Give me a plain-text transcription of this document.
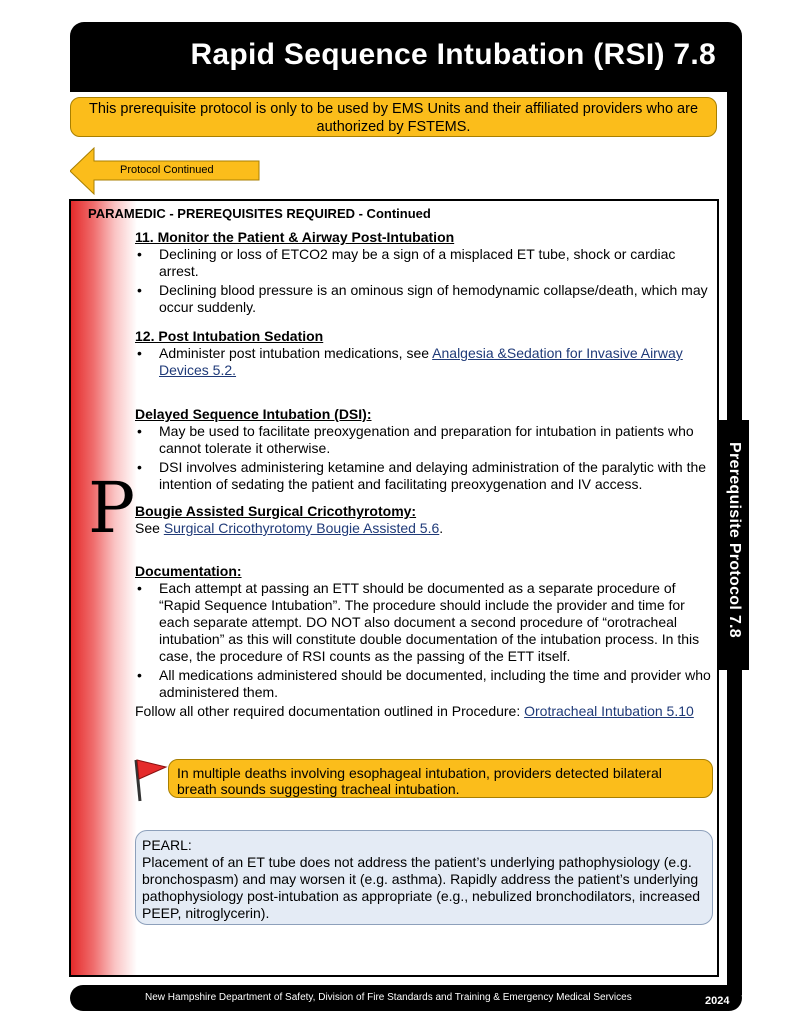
Rapid Sequence Intubation (RSI) 7.8
This prerequisite protocol is only to be used by EMS Units and their affiliated providers who are authorized by FSTEMS.
Protocol Continued
PARAMEDIC - PREREQUISITES REQUIRED - Continued
P

11. Monitor the Patient & Airway Post-Intubation

• Declining or loss of ETCO2 may be a sign of a misplaced ET tube, shock or cardiac arrest.
• Declining blood pressure is an ominous sign of hemodynamic collapse/death, which may occur suddenly.

12. Post Intubation Sedation

• Administer post intubation medications, see Analgesia &Sedation for Invasive Airway Devices 5.2.

Delayed Sequence Intubation (DSI):

• May be used to facilitate preoxygenation and preparation for intubation in patients who cannot tolerate it otherwise.
• DSI involves administering ketamine and delaying administration of the paralytic with the intention of sedating the patient and facilitating preoxygenation and IV access.

Bougie Assisted Surgical Cricothyrotomy:

See Surgical Cricothyrotomy Bougie Assisted 5.6.

Documentation:

• Each attempt at passing an ETT should be documented as a separate procedure of “Rapid Sequence Intubation”. The procedure should include the provider and time for each separate attempt. DO NOT also document a second procedure of “orotracheal intubation” as this will constitute double documentation of the intubation process. In this case, the procedure of RSI counts as the passing of the ETT itself.
• All medications administered should be documented, including the time and provider who administered them.

Follow all other required documentation outlined in Procedure: Orotracheal Intubation 5.10

In multiple deaths involving esophageal intubation, providers detected bilateral breath sounds suggesting tracheal intubation.
PEARL:
Placement of an ET tube does not address the patient’s underlying pathophysiology (e.g. bronchospasm) and may worsen it (e.g. asthma). Rapidly address the patient’s underlying pathophysiology post-intubation as appropriate (e.g., nebulized bronchodilators, increased PEEP, nitroglycerin).
Prerequisite Protocol 7.8
New Hampshire Department of Safety, Division of Fire Standards and Training & Emergency Medical Services	2024
